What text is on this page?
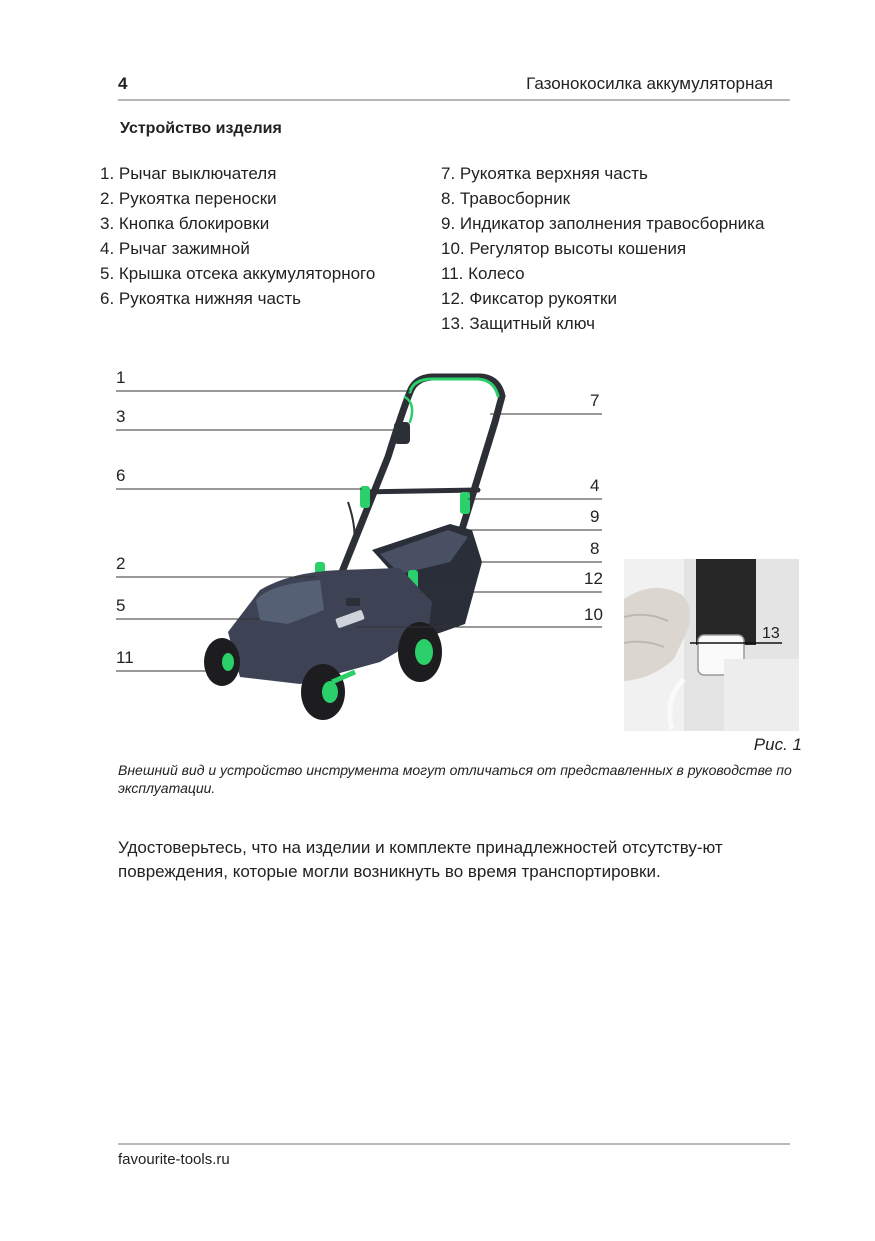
4	Газонокосилка аккумуляторная
Устройство изделия
1. Рычаг выключателя
2. Рукоятка переноски
3. Кнопка блокировки
4. Рычаг зажимной
5. Крышка отсека аккумуляторного
6. Рукоятка нижняя часть
7. Рукоятка верхняя часть
8. Травосборник
9. Индикатор заполнения травосборника
10. Регулятор высоты кошения
11. Колесо
12. Фиксатор рукоятки
13. Защитный ключ
1
3
6
2
5
11
7
4
9
8
12
10
13
Рис. 1
Внешний вид и устройство инструмента могут отличаться от представленных в руководстве по эксплуатации.
Удостоверьтесь, что на изделии и комплекте принадлежностей отсутству-ют повреждения, которые могли возникнуть во время транспортировки.
favourite-tools.ru
